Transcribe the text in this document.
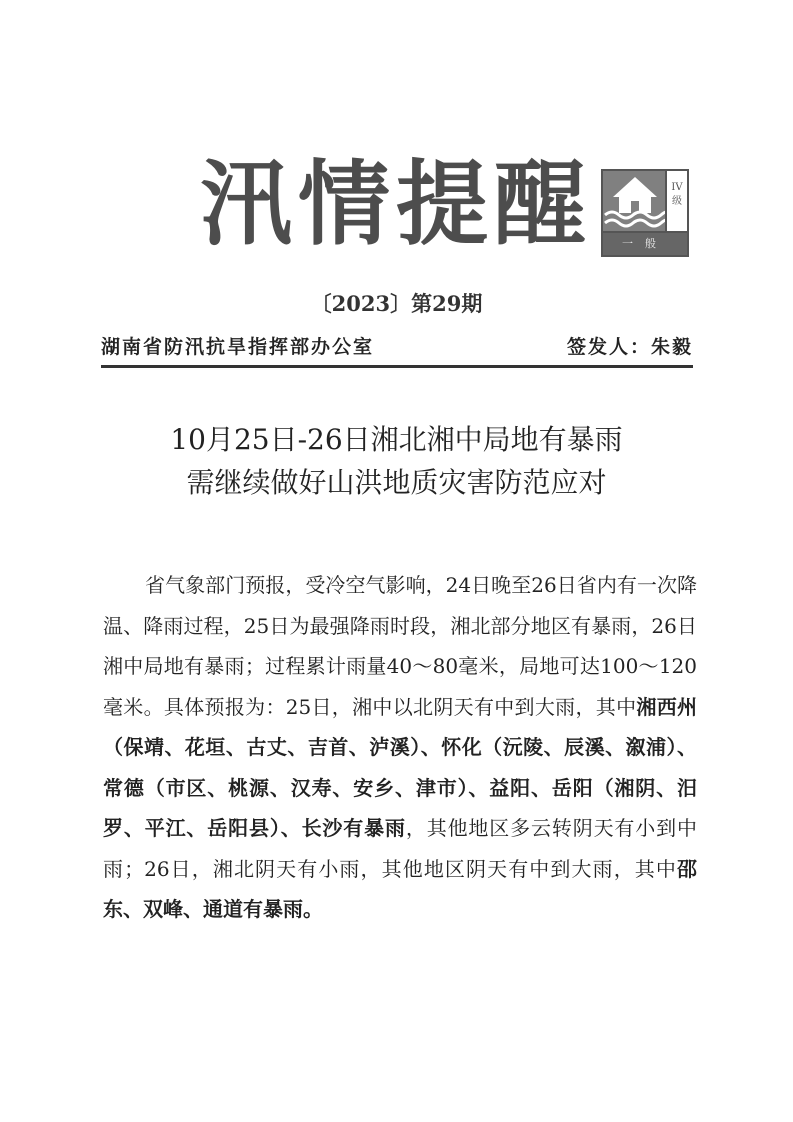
汛情提醒	IV级
一般
〔2023〕第29期
湖南省防汛抗旱指挥部办公室	签发人：朱毅
10月25日-26日湘北湘中局地有暴雨
需继续做好山洪地质灾害防范应对
省气象部门预报，受冷空气影响，24日晚至26日省内有一次降温、降雨过程，25日为最强降雨时段，湘北部分地区有暴雨，26日湘中局地有暴雨；过程累计雨量40～80毫米，局地可达100～120毫米。具体预报为：25日，湘中以北阴天有中到大雨，其中湘西州（保靖、花垣、古丈、吉首、泸溪）、怀化（沅陵、辰溪、溆浦）、常德（市区、桃源、汉寿、安乡、津市）、益阳、岳阳（湘阴、汨罗、平江、岳阳县）、长沙有暴雨，其他地区多云转阴天有小到中雨；26日，湘北阴天有小雨，其他地区阴天有中到大雨，其中邵东、双峰、通道有暴雨。
